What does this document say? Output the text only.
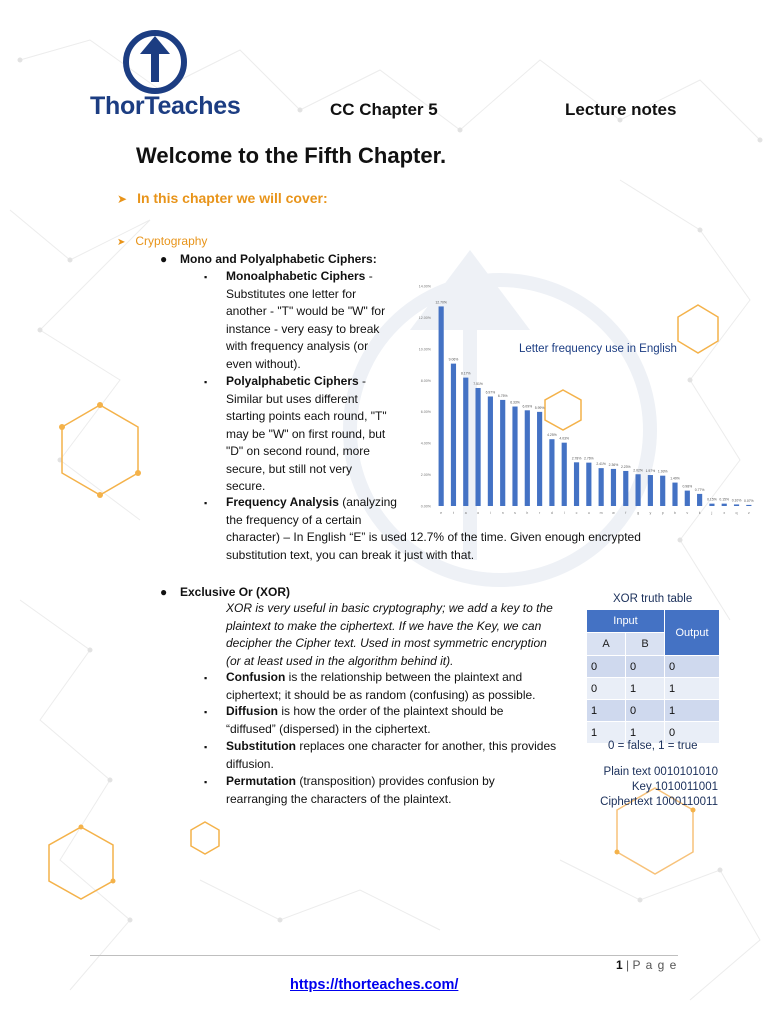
ThorTeaches	CC Chapter 5	Lecture notes
Welcome to the Fifth Chapter.
➤ In this chapter we will cover:
➤ Cryptography
● Mono and Polyalphabetic Ciphers:
▪ Monoalphabetic Ciphers -
Substitutes one letter for
another - "T" would be "W" for
instance - very easy to break
with frequency analysis (or
even without).
▪ Polyalphabetic Ciphers -
Similar but uses different
starting points each round, "T"
may be "W" on first round, but
"D" on second round, more
secure, but still not very
secure.
▪ Frequency Analysis (analyzing
the frequency of a certain
character) – In English “E” is used 12.7% of the time. Given enough encrypted
substitution text, you can break it just with that.
0.00%
2.00%
4.00%
6.00%
8.00%
10.00%
12.00%
14.00%
12.70%
9.06%
8.17%
7.51%
6.97%
6.75%
6.33%
6.09% 5.99%
4.25%
4.03%
2.78% 2.76%
2.41% 2.36%
2.23%
2.02% 1.97% 1.93%
1.49%
0.98%
0.77%
0.15% 0.15% 0.10% 0.07%
e	t	a	o	i	n	s	h	r	d	l	c	u	m	w	f	g	y	p	b	v	k	j	x	q	z
Letter frequency use in English
● Exclusive Or (XOR)
XOR is very useful in basic cryptography; we add a key to the
plaintext to make the ciphertext. If we have the Key, we can
decipher the Cipher text. Used in most symmetric encryption
(or at least used in the algorithm behind it).
▪ Confusion is the relationship between the plaintext and
ciphertext; it should be as random (confusing) as possible.
▪ Diffusion is how the order of the plaintext should be
“diffused” (dispersed) in the ciphertext.
▪ Substitution replaces one character for another, this provides
diffusion.
▪ Permutation (transposition) provides confusion by
rearranging the characters of the plaintext.
XOR truth table
Input		Output
A	B	
0	0	0
0	1	1
1	0	1
1	1	0
0 = false, 1 = true
Plain text 0010101010
Key 1010011001
Ciphertext 1000110011
1 | P a g e
https://thorteaches.com/
